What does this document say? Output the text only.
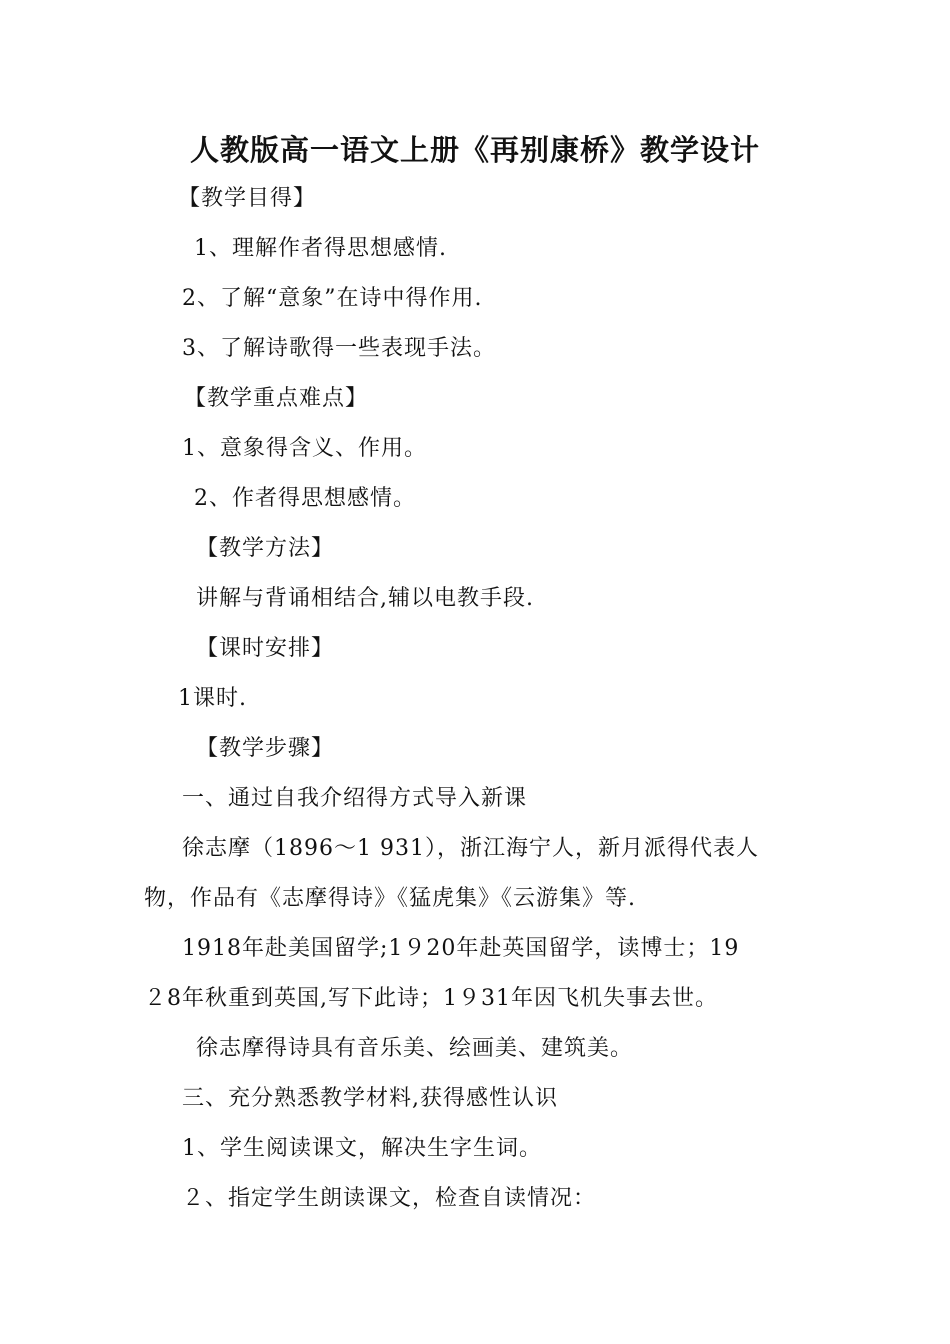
人教版高一语文上册《再别康桥》教学设计
【教学目得】
1、理解作者得思想感情.
2、了解“意象”在诗中得作用.
3、了解诗歌得一些表现手法。
【教学重点难点】
1、意象得含义、作用。
2、作者得思想感情。
【教学方法】
讲解与背诵相结合,辅以电教手段.
【课时安排】
1课时.
【教学步骤】
一、通过自我介绍得方式导入新课
徐志摩（1896～1 931），浙江海宁人，新月派得代表人
物，作品有《志摩得诗》《猛虎集》《云游集》等.
1918年赴美国留学;1９20年赴英国留学，读博士；19
２8年秋重到英国,写下此诗；1９31年因飞机失事去世。
徐志摩得诗具有音乐美、绘画美、建筑美。
三、充分熟悉教学材料,获得感性认识
1、学生阅读课文，解决生字生词。
２、指定学生朗读课文，检查自读情况：
